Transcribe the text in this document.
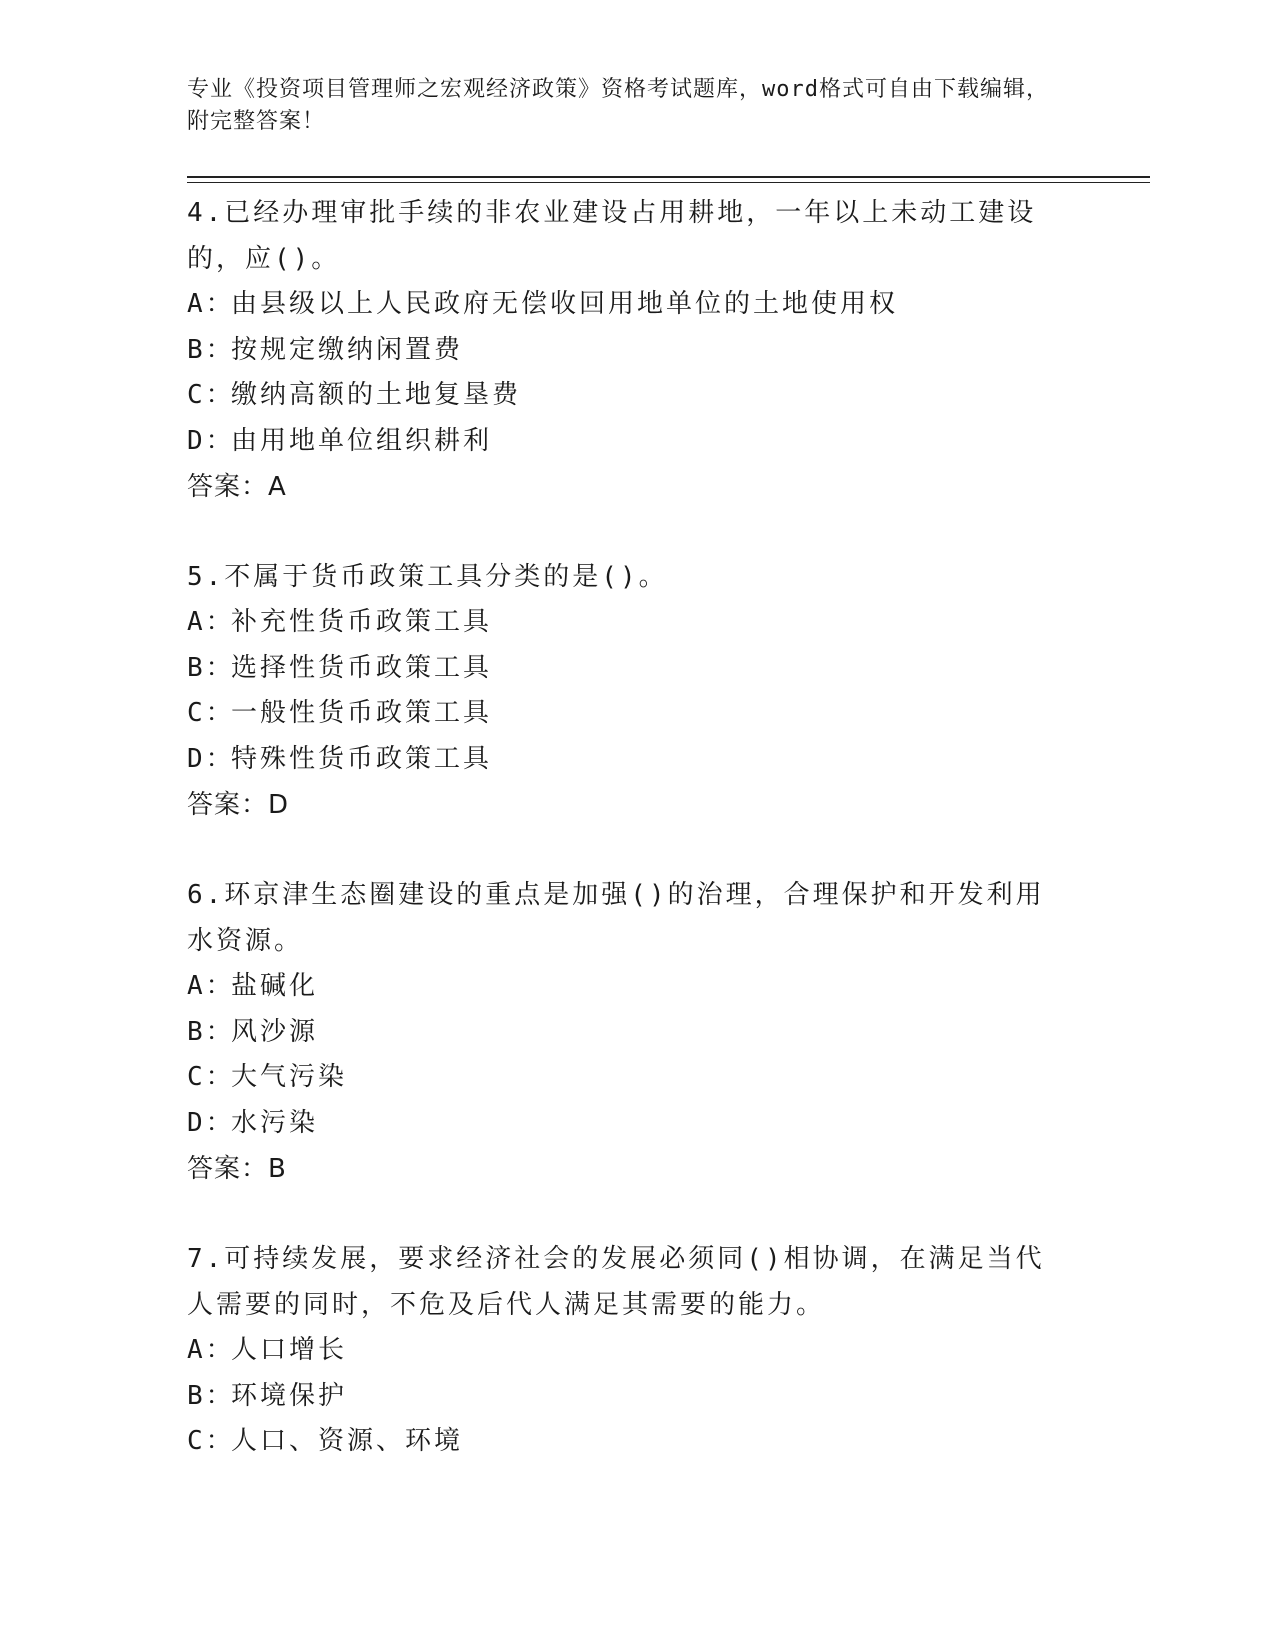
专业《投资项目管理师之宏观经济政策》资格考试题库，word格式可自由下载编辑，附完整答案！

4.已经办理审批手续的非农业建设占用耕地，一年以上未动工建设的，应()。

A：由县级以上人民政府无偿收回用地单位的土地使用权

B：按规定缴纳闲置费

C：缴纳高额的土地复垦费

D：由用地单位组织耕利

答案：A

5.不属于货币政策工具分类的是()。

A：补充性货币政策工具

B：选择性货币政策工具

C：一般性货币政策工具

D：特殊性货币政策工具

答案：D

6.环京津生态圈建设的重点是加强()的治理，合理保护和开发利用水资源。

A：盐碱化

B：风沙源

C：大气污染

D：水污染

答案：B

7.可持续发展，要求经济社会的发展必须同()相协调，在满足当代人需要的同时，不危及后代人满足其需要的能力。

A：人口增长

B：环境保护

C：人口、资源、环境
